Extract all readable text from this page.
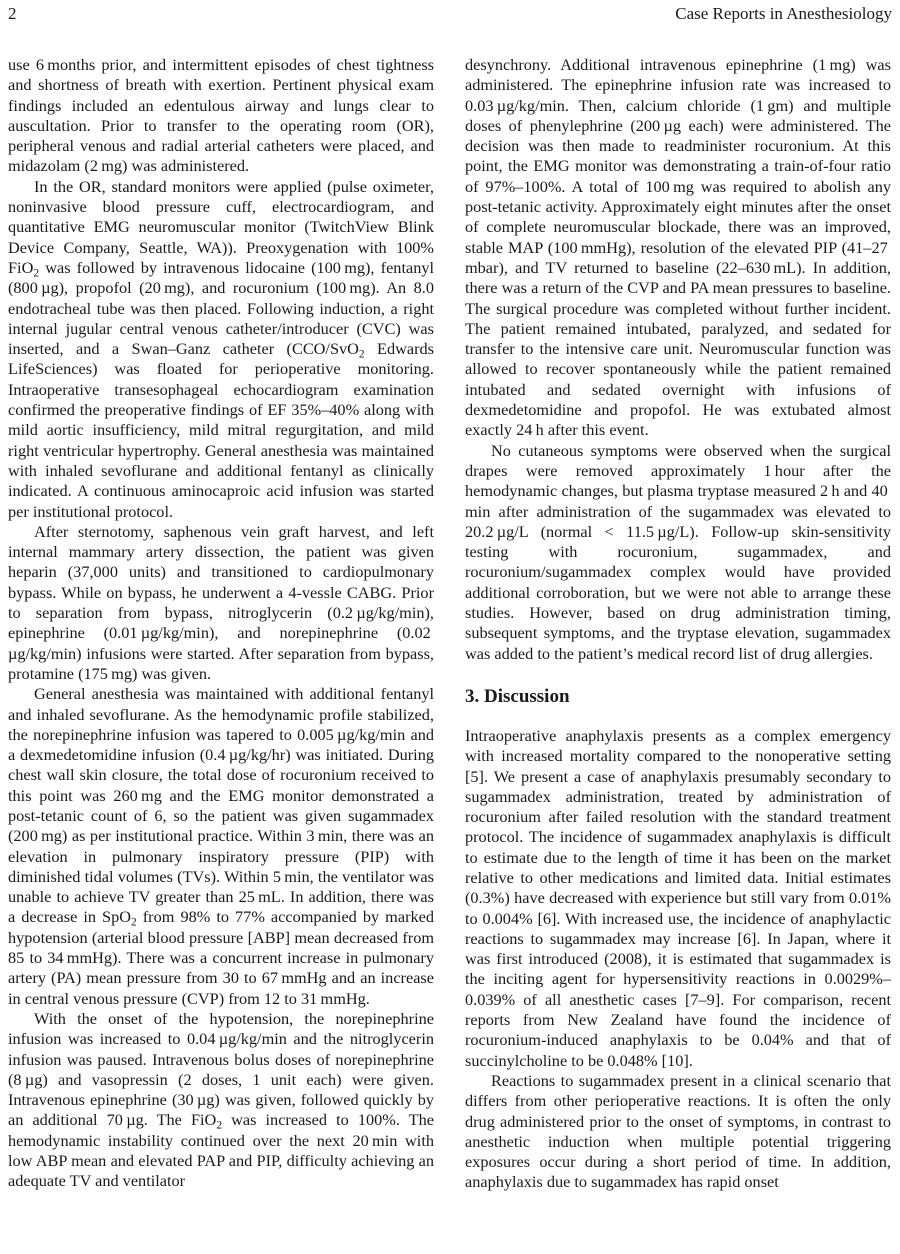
2	Case Reports in Anesthesiology

use 6 months prior, and intermittent episodes of chest tightness and shortness of breath with exertion. Pertinent physical exam findings included an edentulous airway and lungs clear to auscultation. Prior to transfer to the operating room (OR), peripheral venous and radial arterial catheters were placed, and midazolam (2 mg) was administered.

In the OR, standard monitors were applied (pulse oximeter, noninvasive blood pressure cuff, electrocardiogram, and quantitative EMG neuromuscular monitor (TwitchView Blink Device Company, Seattle, WA)). Preoxygenation with 100% FiO$_2$ was followed by intravenous lidocaine (100 mg), fentanyl (800 µg), propofol (20 mg), and rocuronium (100 mg). An 8.0 endotracheal tube was then placed. Following induction, a right internal jugular central venous catheter/introducer (CVC) was inserted, and a Swan–Ganz catheter (CCO/SvO$_2$ Edwards LifeSciences) was floated for perioperative monitoring. Intraoperative transesophageal echocardiogram examination confirmed the preoperative findings of EF 35%–40% along with mild aortic insufficiency, mild mitral regurgitation, and mild right ventricular hypertrophy. General anesthesia was maintained with inhaled sevoflurane and additional fentanyl as clinically indicated. A continuous aminocaproic acid infusion was started per institutional protocol.

After sternotomy, saphenous vein graft harvest, and left internal mammary artery dissection, the patient was given heparin (37,000 units) and transitioned to cardiopulmonary bypass. While on bypass, he underwent a 4-vessle CABG. Prior to separation from bypass, nitroglycerin (0.2 µg/kg/min), epinephrine (0.01 µg/kg/min), and norepinephrine (0.02 µg/kg/min) infusions were started. After separation from bypass, protamine (175 mg) was given.

General anesthesia was maintained with additional fentanyl and inhaled sevoflurane. As the hemodynamic profile stabilized, the norepinephrine infusion was tapered to 0.005 µg/kg/min and a dexmedetomidine infusion (0.4 µg/kg/hr) was initiated. During chest wall skin closure, the total dose of rocuronium received to this point was 260 mg and the EMG monitor demonstrated a post-tetanic count of 6, so the patient was given sugammadex (200 mg) as per institutional practice. Within 3 min, there was an elevation in pulmonary inspiratory pressure (PIP) with diminished tidal volumes (TVs). Within 5 min, the ventilator was unable to achieve TV greater than 25 mL. In addition, there was a decrease in SpO$_2$ from 98% to 77% accompanied by marked hypotension (arterial blood pressure [ABP] mean decreased from 85 to 34 mmHg). There was a concurrent increase in pulmonary artery (PA) mean pressure from 30 to 67 mmHg and an increase in central venous pressure (CVP) from 12 to 31 mmHg.

With the onset of the hypotension, the norepinephrine infusion was increased to 0.04 µg/kg/min and the nitroglycerin infusion was paused. Intravenous bolus doses of norepinephrine (8 µg) and vasopressin (2 doses, 1 unit each) were given. Intravenous epinephrine (30 µg) was given, followed quickly by an additional 70 µg. The FiO$_2$ was increased to 100%. The hemodynamic instability continued over the next 20 min with low ABP mean and elevated PAP and PIP, difficulty achieving an adequate TV and ventilator

desynchrony. Additional intravenous epinephrine (1 mg) was administered. The epinephrine infusion rate was increased to 0.03 µg/kg/min. Then, calcium chloride (1 gm) and multiple doses of phenylephrine (200 µg each) were administered. The decision was then made to readminister rocuronium. At this point, the EMG monitor was demonstrating a train-of-four ratio of 97%–100%. A total of 100 mg was required to abolish any post-tetanic activity. Approximately eight minutes after the onset of complete neuromuscular blockade, there was an improved, stable MAP (100 mmHg), resolution of the elevated PIP (41–27 mbar), and TV returned to baseline (22–630 mL). In addition, there was a return of the CVP and PA mean pressures to baseline. The surgical procedure was completed without further incident. The patient remained intubated, paralyzed, and sedated for transfer to the intensive care unit. Neuromuscular function was allowed to recover spontaneously while the patient remained intubated and sedated overnight with infusions of dexmedetomidine and propofol. He was extubated almost exactly 24 h after this event.

No cutaneous symptoms were observed when the surgical drapes were removed approximately 1 hour after the hemodynamic changes, but plasma tryptase measured 2 h and 40 min after administration of the sugammadex was elevated to 20.2 µg/L (normal < 11.5 µg/L). Follow-up skin-sensitivity testing with rocuronium, sugammadex, and rocuronium/sugammadex complex would have provided additional corroboration, but we were not able to arrange these studies. However, based on drug administration timing, subsequent symptoms, and the tryptase elevation, sugammadex was added to the patient’s medical record list of drug allergies.

3. Discussion

Intraoperative anaphylaxis presents as a complex emergency with increased mortality compared to the nonoperative setting [5]. We present a case of anaphylaxis presumably secondary to sugammadex administration, treated by administration of rocuronium after failed resolution with the standard treatment protocol. The incidence of sugammadex anaphylaxis is difficult to estimate due to the length of time it has been on the market relative to other medications and limited data. Initial estimates (0.3%) have decreased with experience but still vary from 0.01% to 0.004% [6]. With increased use, the incidence of anaphylactic reactions to sugammadex may increase [6]. In Japan, where it was first introduced (2008), it is estimated that sugammadex is the inciting agent for hypersensitivity reactions in 0.0029%–0.039% of all anesthetic cases [7–9]. For comparison, recent reports from New Zealand have found the incidence of rocuronium-induced anaphylaxis to be 0.04% and that of succinylcholine to be 0.048% [10].

Reactions to sugammadex present in a clinical scenario that differs from other perioperative reactions. It is often the only drug administered prior to the onset of symptoms, in contrast to anesthetic induction when multiple potential triggering exposures occur during a short period of time. In addition, anaphylaxis due to sugammadex has rapid onset
